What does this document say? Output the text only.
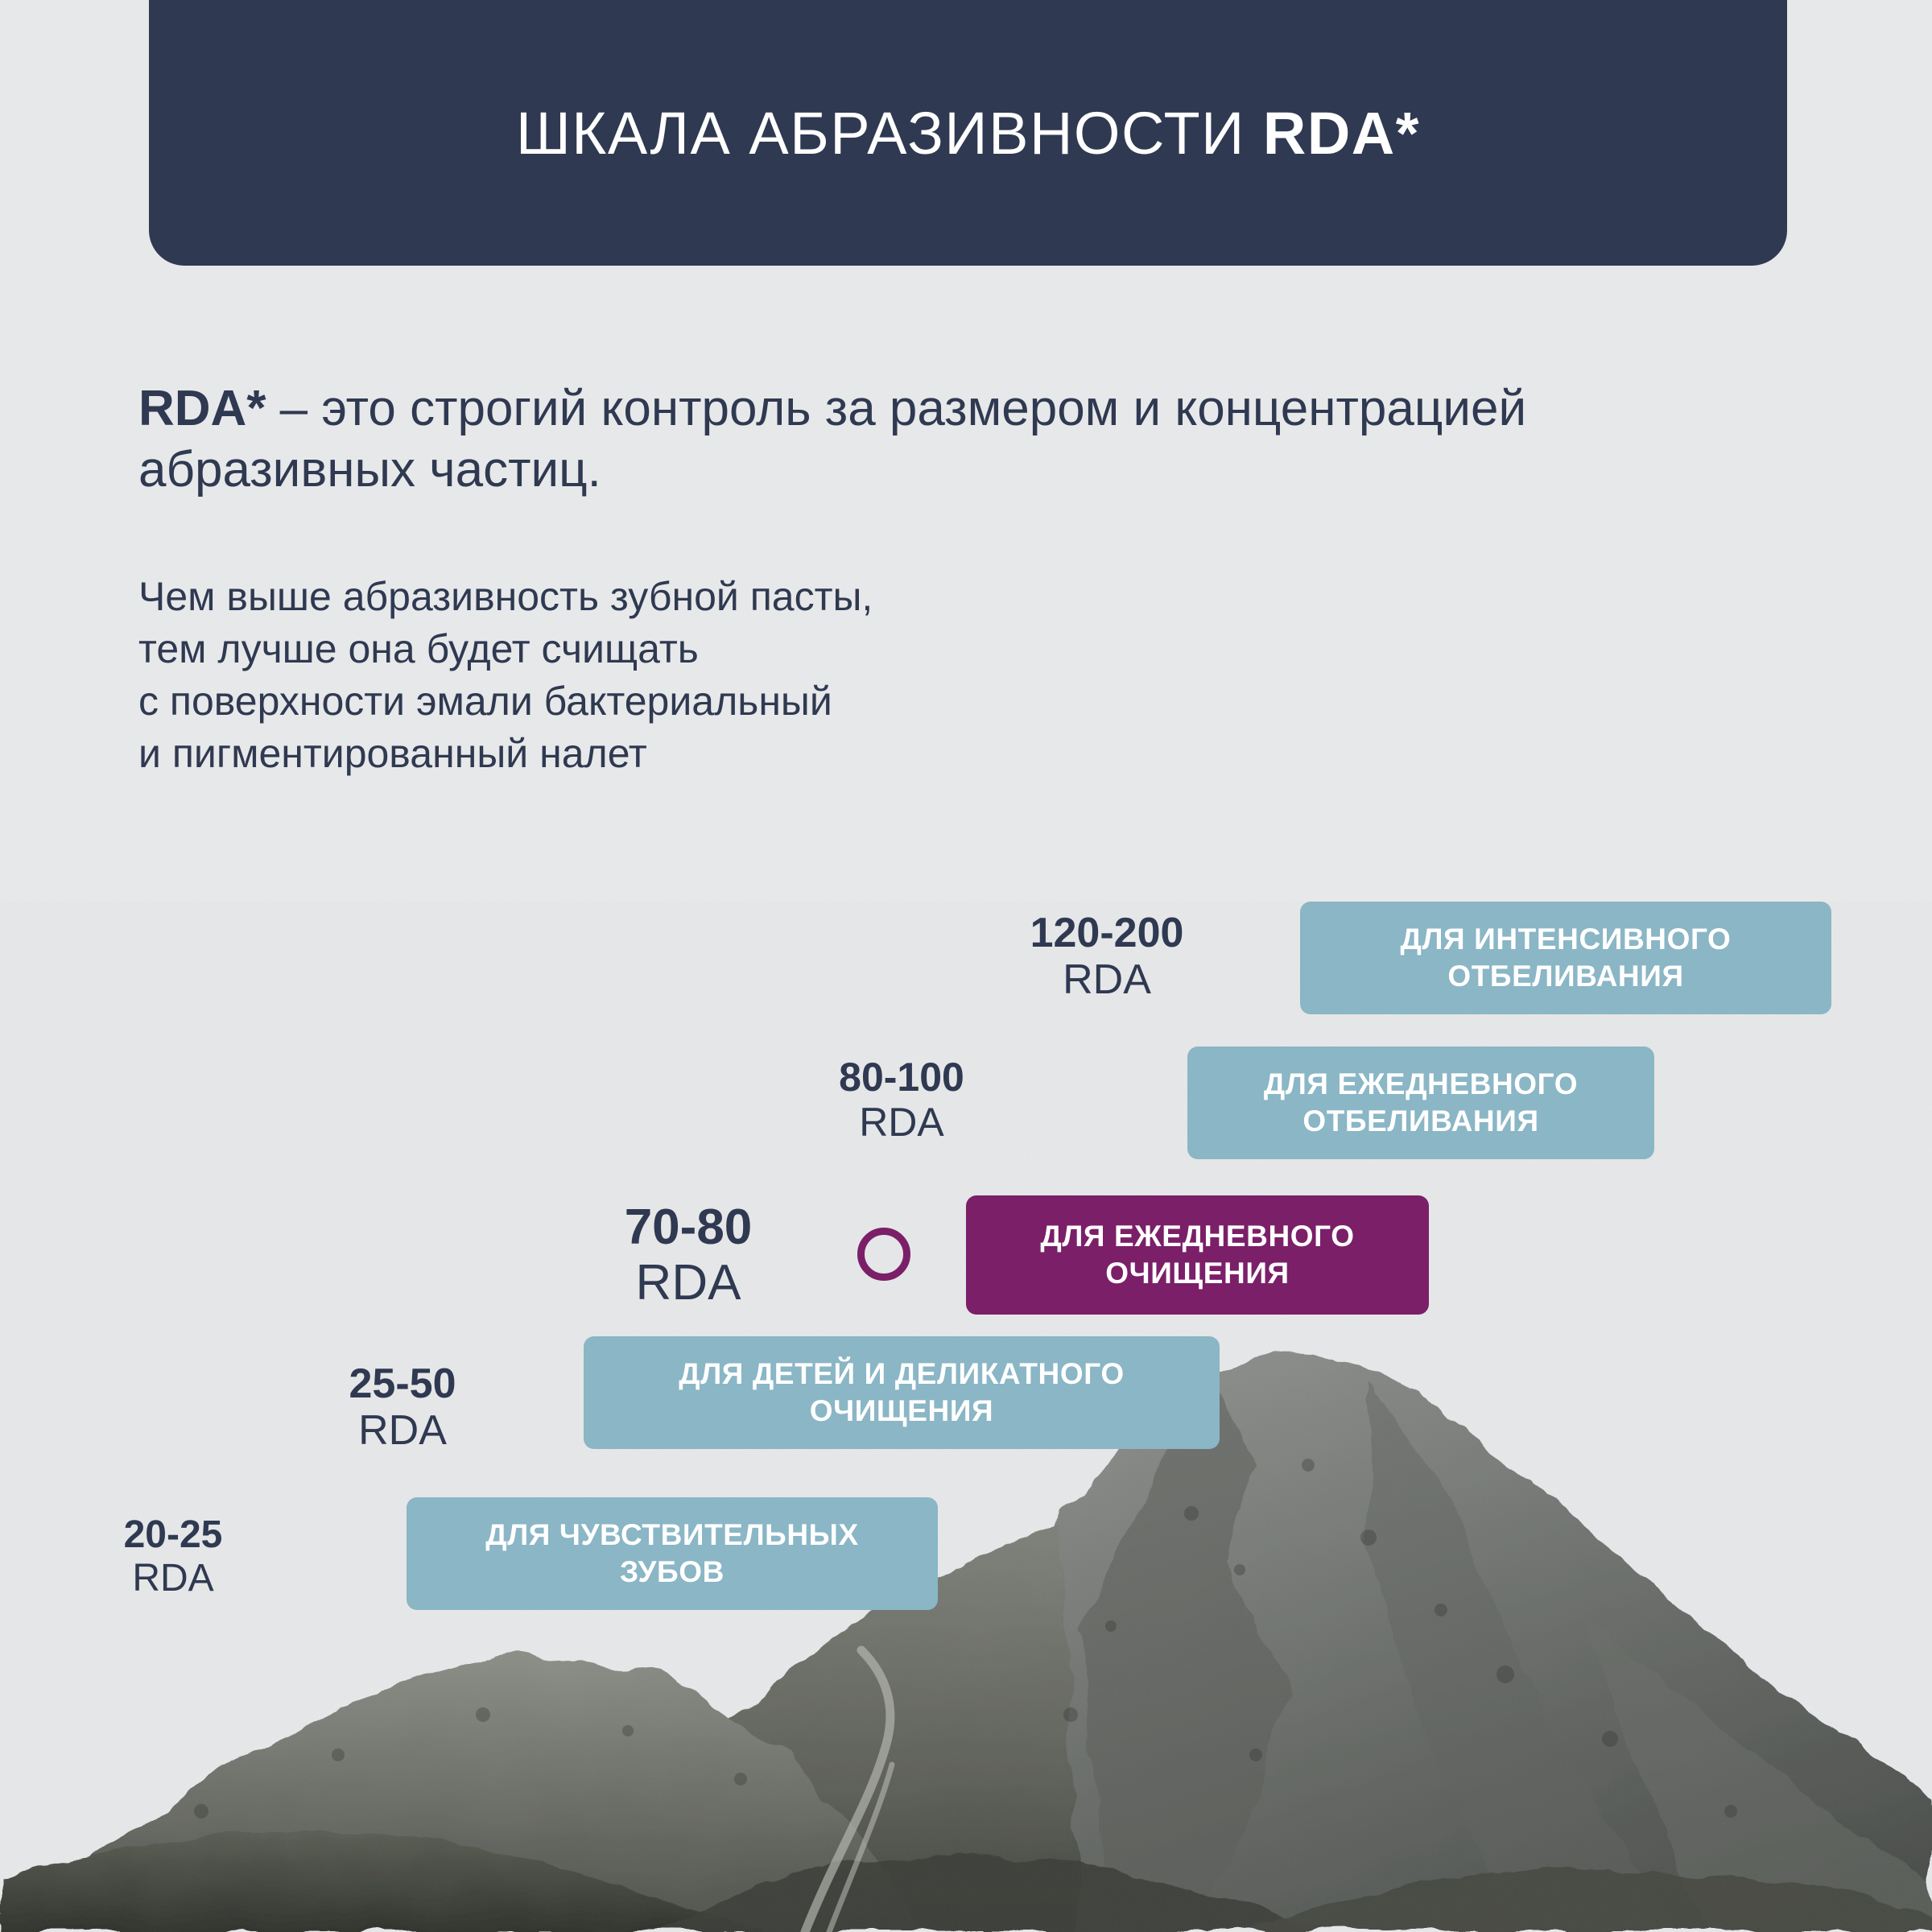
ШКАЛА АБРАЗИВНОСТИ RDA*

RDA* – это строгий контроль за размером и концентрацией абразивных частиц.

Чем выше абразивность зубной пасты,
тем лучше она будет счищать
с поверхности эмали бактериальный
и пигментированный налет

20-25
RDA
ДЛЯ ЧУВСТВИТЕЛЬНЫХ
ЗУБОВ
25-50
RDA
ДЛЯ ДЕТЕЙ И ДЕЛИКАТНОГО
ОЧИЩЕНИЯ
70-80
RDA
ДЛЯ ЕЖЕДНЕВНОГО
ОЧИЩЕНИЯ
80-100
RDA
ДЛЯ ЕЖЕДНЕВНОГО
ОТБЕЛИВАНИЯ
120-200
RDA
ДЛЯ ИНТЕНСИВНОГО
ОТБЕЛИВАНИЯ
